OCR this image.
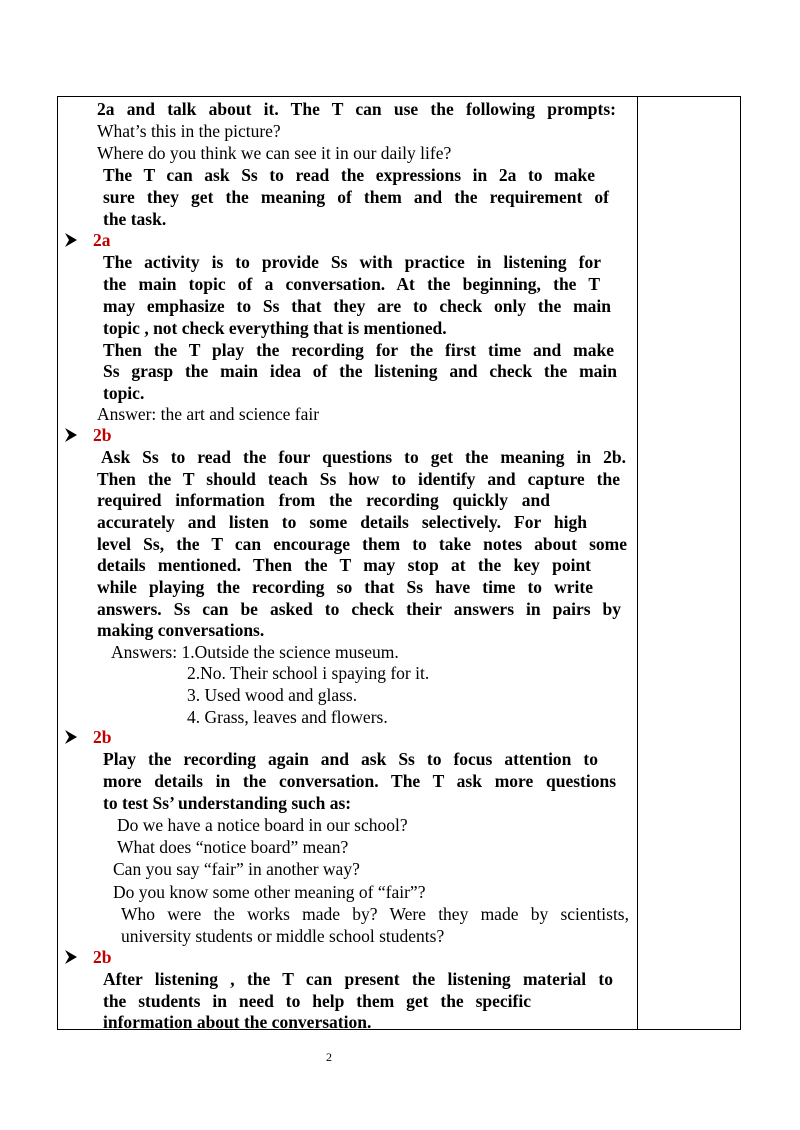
2a and talk about it. The T can use the following prompts:
What’s this in the picture?
Where do you think we can see it in our daily life?
The T can ask Ss to read the expressions in 2a to make
sure they get the meaning of them and the requirement of
the task.
2a
The activity is to provide Ss with practice in listening for
the main topic of a conversation. At the beginning, the T
may emphasize to Ss that they are to check only the main
topic , not check everything that is mentioned.
Then the T play the recording for the first time and make
Ss grasp the main idea of the listening and check the main
topic.
Answer: the art and science fair
2b
Ask Ss to read the four questions to get the meaning in 2b.
Then the T should teach Ss how to identify and capture the
required information from the recording quickly and
accurately and listen to some details selectively. For high
level Ss, the T can encourage them to take notes about some
details mentioned. Then the T may stop at the key point
while playing the recording so that Ss have time to write
answers. Ss can be asked to check their answers in pairs by
making conversations.
Answers: 1.Outside the science museum.
2.No. Their school i spaying for it.
3. Used wood and glass.
4. Grass, leaves and flowers.
2b
Play the recording again and ask Ss to focus attention to
more details in the conversation. The T ask more questions
to test Ss’ understanding such as:
Do we have a notice board in our school?
What does “notice board” mean?
Can you say “fair” in another way?
Do you know some other meaning of “fair”?
Who were the works made by? Were they made by scientists,
university students or middle school students?
2b
After listening , the T can present the listening material to
the students in need to help them get the specific
information about the conversation.
2
